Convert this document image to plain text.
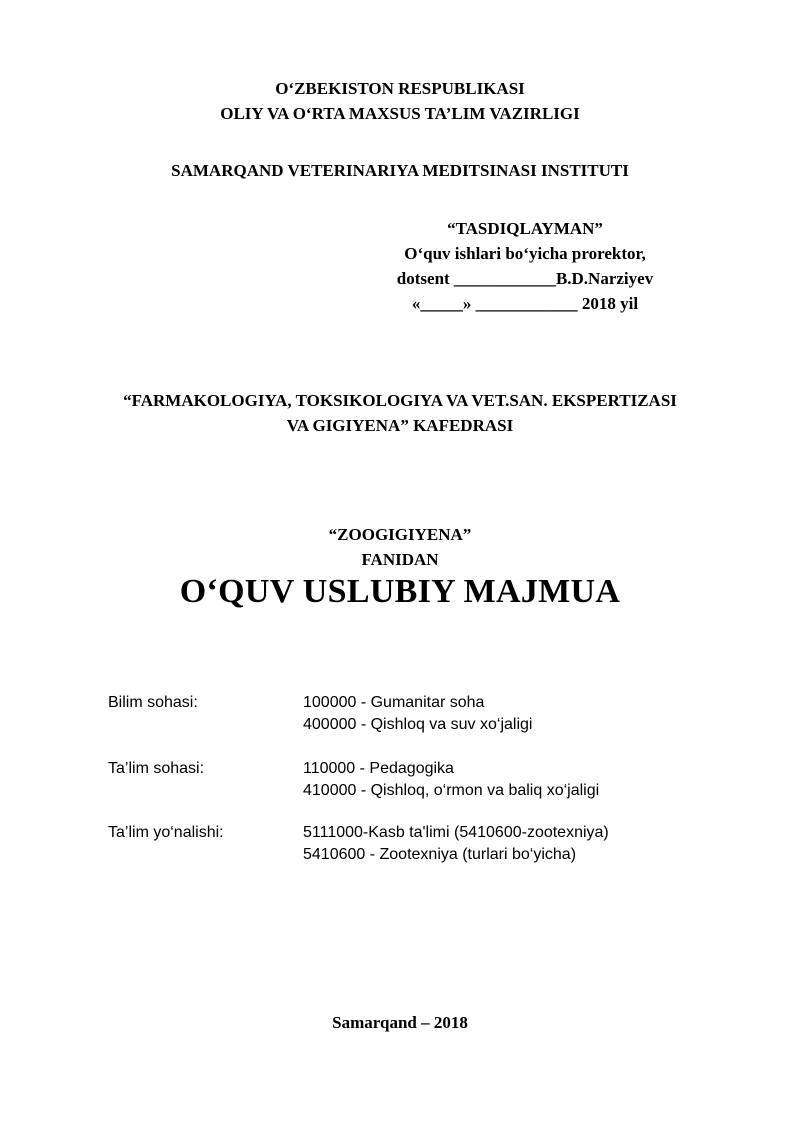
O‘ZBEKISTON RESPUBLIKASI
OLIY VA O‘RTA MAXSUS TA’LIM VAZIRLIGI
SAMARQAND VETERINARIYA MEDITSINASI INSTITUTI
“TASDIQLAYMAN”
O‘quv ishlari bo‘yicha prorektor,
dotsent ____________B.D.Narziyev
«_____» ____________ 2018 yil
“FARMAKOLOGIYA, TOKSIKOLOGIYA VA VET.SAN. EKSPERTIZASI
VA GIGIYENA” KAFEDRASI
“ZOOGIGIYENA”
FANIDAN
O‘QUV USLUBIY MAJMUA
Bilim sohasi:	100000 - Gumanitar soha
400000 - Qishloq va suv xo‘jaligi
Ta’lim sohasi:	110000 - Pedagogika
410000 - Qishloq, o‘rmon va baliq xo‘jaligi
Ta’lim yo‘nalishi:	5111000-Kasb ta'limi (5410600-zootexniya)
5410600 - Zootexniya (turlari bo‘yicha)
Samarqand – 2018
